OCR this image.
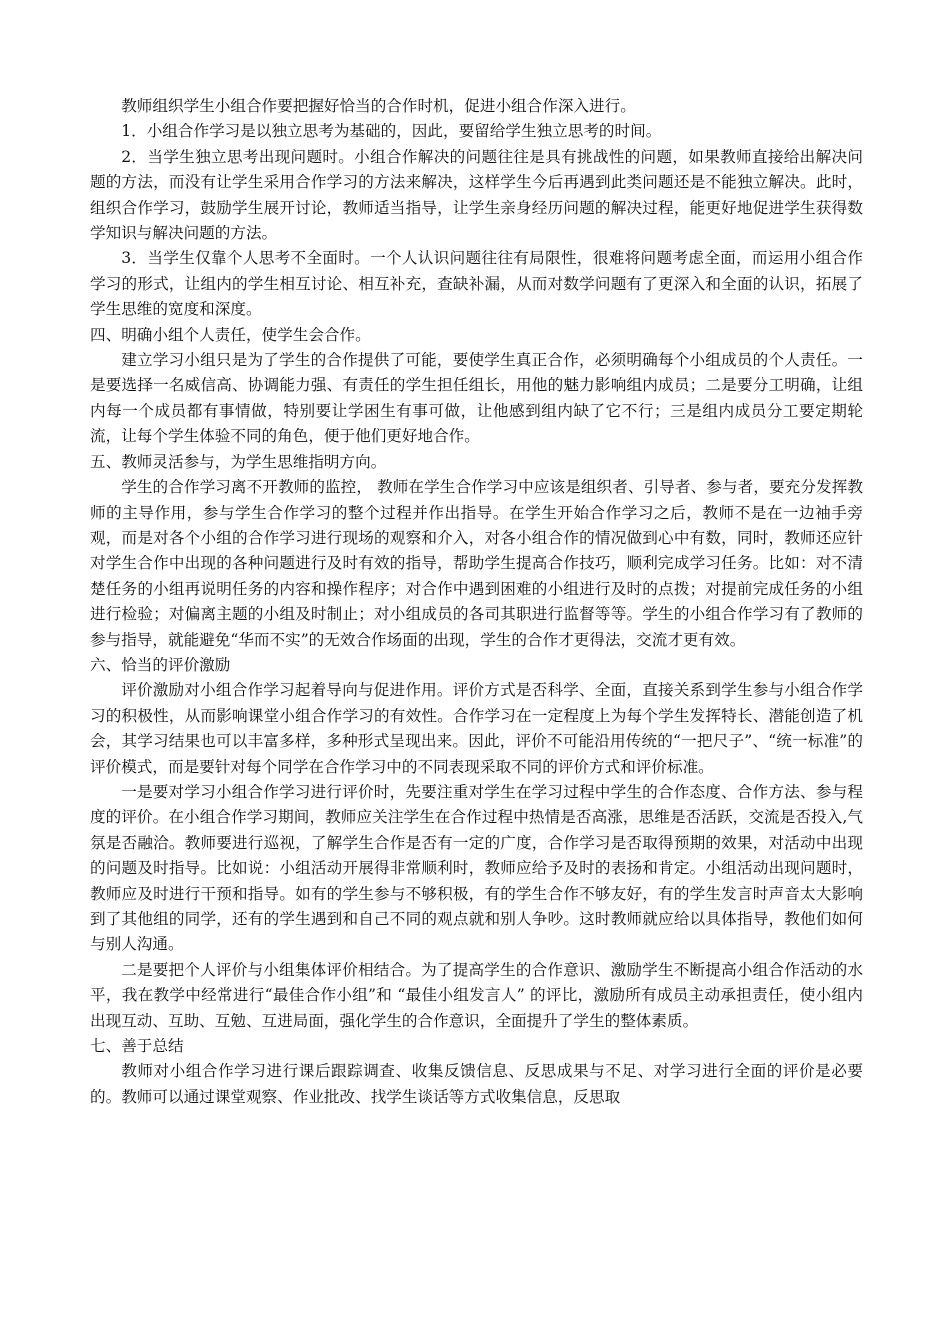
教师组织学生小组合作要把握好恰当的合作时机，促进小组合作深入进行。

1．小组合作学习是以独立思考为基础的，因此，要留给学生独立思考的时间。

2．当学生独立思考出现问题时。小组合作解决的问题往往是具有挑战性的问题，如果教师直接给出解决问题的方法，而没有让学生采用合作学习的方法来解决，这样学生今后再遇到此类问题还是不能独立解决。此时，组织合作学习，鼓励学生展开讨论，教师适当指导，让学生亲身经历问题的解决过程，能更好地促进学生获得数学知识与解决问题的方法。

3．当学生仅靠个人思考不全面时。一个人认识问题往往有局限性，很难将问题考虑全面，而运用小组合作学习的形式，让组内的学生相互讨论、相互补充，查缺补漏，从而对数学问题有了更深入和全面的认识，拓展了学生思维的宽度和深度。

四、明确小组个人责任，使学生会合作。

建立学习小组只是为了学生的合作提供了可能，要使学生真正合作，必须明确每个小组成员的个人责任。一是要选择一名威信高、协调能力强、有责任的学生担任组长，用他的魅力影响组内成员；二是要分工明确，让组内每一个成员都有事情做，特别要让学困生有事可做，让他感到组内缺了它不行；三是组内成员分工要定期轮流，让每个学生体验不同的角色，便于他们更好地合作。

五、教师灵活参与，为学生思维指明方向。

学生的合作学习离不开教师的监控， 教师在学生合作学习中应该是组织者、引导者、参与者，要充分发挥教师的主导作用，参与学生合作学习的整个过程并作出指导。在学生开始合作学习之后，教师不是在一边袖手旁观，而是对各个小组的合作学习进行现场的观察和介入，对各小组合作的情况做到心中有数，同时，教师还应针对学生合作中出现的各种问题进行及时有效的指导，帮助学生提高合作技巧，顺利完成学习任务。比如：对不清楚任务的小组再说明任务的内容和操作程序；对合作中遇到困难的小组进行及时的点拨；对提前完成任务的小组进行检验；对偏离主题的小组及时制止；对小组成员的各司其职进行监督等等。学生的小组合作学习有了教师的参与指导，就能避免“华而不实”的无效合作场面的出现，学生的合作才更得法，交流才更有效。

六、恰当的评价激励

评价激励对小组合作学习起着导向与促进作用。评价方式是否科学、全面，直接关系到学生参与小组合作学习的积极性，从而影响课堂小组合作学习的有效性。合作学习在一定程度上为每个学生发挥特长、潜能创造了机会，其学习结果也可以丰富多样，多种形式呈现出来。因此，评价不可能沿用传统的“一把尺子”、“统一标准”的评价模式，而是要针对每个同学在合作学习中的不同表现采取不同的评价方式和评价标准。

一是要对学习小组合作学习进行评价时，先要注重对学生在学习过程中学生的合作态度、合作方法、参与程度的评价。在小组合作学习期间，教师应关注学生在合作过程中热情是否高涨，思维是否活跃，交流是否投入,气氛是否融洽。教师要进行巡视，了解学生合作是否有一定的广度，合作学习是否取得预期的效果，对活动中出现的问题及时指导。比如说：小组活动开展得非常顺利时，教师应给予及时的表扬和肯定。小组活动出现问题时，教师应及时进行干预和指导。如有的学生参与不够积极，有的学生合作不够友好，有的学生发言时声音太大影响到了其他组的同学，还有的学生遇到和自己不同的观点就和别人争吵。这时教师就应给以具体指导，教他们如何与别人沟通。

二是要把个人评价与小组集体评价相结合。为了提高学生的合作意识、激励学生不断提高小组合作活动的水平，我在教学中经常进行“最佳合作小组”和 “最佳小组发言人” 的评比，激励所有成员主动承担责任，使小组内出现互动、互助、互勉、互进局面，强化学生的合作意识，全面提升了学生的整体素质。

七、善于总结

教师对小组合作学习进行课后跟踪调查、收集反馈信息、反思成果与不足、对学习进行全面的评价是必要的。教师可以通过课堂观察、作业批改、找学生谈话等方式收集信息，反思取
